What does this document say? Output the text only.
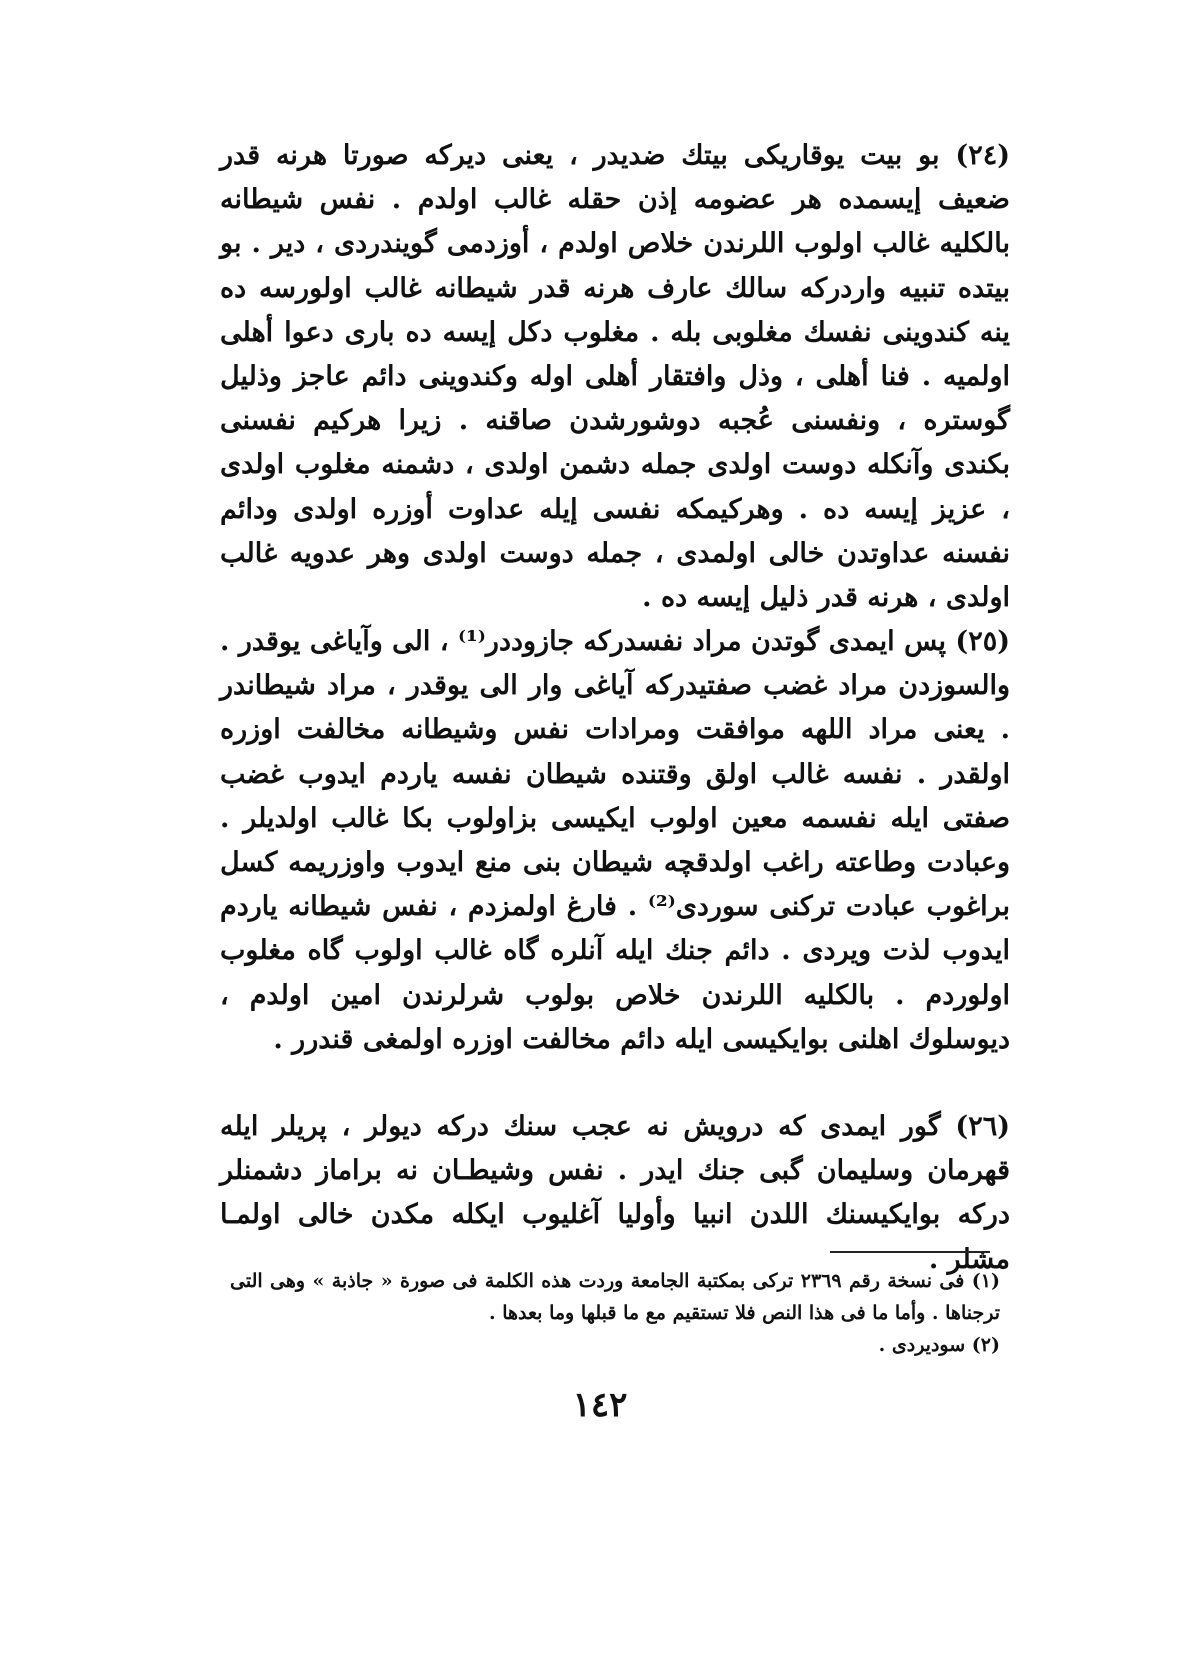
(٢٤) بو بيت يوقاريكى بيتك ضديدر ، يعنى ديركه صورتا هرنه قدر ضعيف إيسمده هر عضومه إذن حقله غالب اولدم . نفس شيطانه بالكليه غالب اولوب اللرندن خلاص اولدم ، أوزدمى گويندردى ، دير . بو بيتده تنبيه واردركه سالك عارف هرنه قدر شيطانه غالب اولورسه ده ينه كندوينى نفسك مغلوبى بله . مغلوب دكل إيسه ده بارى دعوا أهلى اولميه . فنا أهلى ، وذل وافتقار أهلى اوله وكندوينى دائم عاجز وذليل گوستره ، ونفسنى عُجبه دوشورشدن صاقنه . زيرا هركيم نفسنى بكندى وآنكله دوست اولدى جمله دشمن اولدى ، دشمنه مغلوب اولدى ، عزيز إيسه ده . وهركيمكه نفسى إيله عداوت أوزره اولدى ودائم نفسنه عداوتدن خالى اولمدى ، جمله دوست اولدى وهر عدويه غالب اولدى ، هرنه قدر ذليل إيسه ده .

(٢٥) پس ايمدى گوتدن مراد نفسدركه جازوددر⁽¹⁾ ، الى وآياغى يوقدر . والسوزدن مراد غضب صفتيدركه آياغى وار الى يوقدر ، مراد شيطاندر . يعنى مراد اللهه موافقت ومرادات نفس وشيطانه مخالفت اوزره اولقدر . نفسه غالب اولق وقتنده شيطان نفسه ياردم ايدوب غضب صفتى ايله نفسمه معين اولوب ايكيسى بزاولوب بكا غالب اولديلر . وعبادت وطاعته راغب اولدقچه شيطان بنى منع ايدوب واوزريمه كسل براغوب عبادت تركنى سوردى⁽²⁾ . فارغ اولمزدم ، نفس شيطانه ياردم ايدوب لذت ويردى . دائم جنك ايله آنلره گاه غالب اولوب گاه مغلوب اولوردم . بالكليه اللرندن خلاص بولوب شرلرندن امين اولدم ، ديوسلوك اهلنى بوايكيسى ايله دائم مخالفت اوزره اولمغى قندرر .

(٢٦) گور ايمدى كه درويش نه عجب سنك دركه ديولر ، پريلر ايله قهرمان وسليمان گبى جنك ايدر . نفس وشيطـان نه براماز دشمنلر دركه بوايكيسنك اللدن انبيا وأوليا آغليوب ايكله مكدن خالى اولمـا مشلر .

(١) فى نسخة رقم ٢٣٦٩ تركى بمكتبة الجامعة وردت هذه الكلمة فى صورة « جاذبة » وهى التى ترجناها . وأما ما فى هذا النص فلا تستقيم مع ما قبلها وما بعدها .

(٢) سوديردى .

١٤٢
